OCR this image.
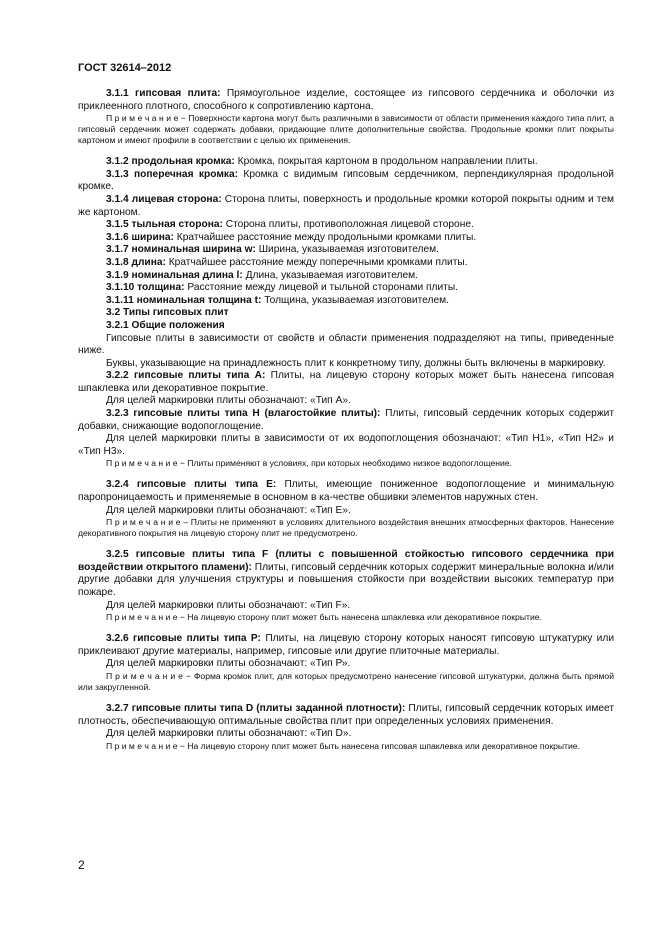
ГОСТ 32614–2012

3.1.1 гипсовая плита: Прямоугольное изделие, состоящее из гипсового сердечника и оболочки из приклеенного плотного, способного к сопротивлению картона.

П р и м е ч а н и е − Поверхности картона могут быть различными в зависимости от области применения каждого типа плит, а гипсовый сердечник может содержать добавки, придающие плите дополнительные свойства. Продольные кромки плит покрыты картоном и имеют профили в соответствии с целью их применения.

3.1.2 продольная кромка: Кромка, покрытая картоном в продольном направлении плиты.

3.1.3 поперечная кромка: Кромка с видимым гипсовым сердечником, перпендикулярная продольной кромке.

3.1.4 лицевая сторона: Сторона плиты, поверхность и продольные кромки которой покрыты одним и тем же картоном.

3.1.5 тыльная сторона: Сторона плиты, противоположная лицевой стороне.

3.1.6 ширина: Кратчайшее расстояние между продольными кромками плиты.

3.1.7 номинальная ширина w: Ширина, указываемая изготовителем.

3.1.8 длина: Кратчайшее расстояние между поперечными кромками плиты.

3.1.9 номинальная длина l: Длина, указываемая изготовителем.

3.1.10 толщина: Расстояние между лицевой и тыльной сторонами плиты.

3.1.11 номинальная толщина t: Толщина, указываемая изготовителем.

3.2 Типы гипсовых плит

3.2.1 Общие положения

Гипсовые плиты в зависимости от свойств и области применения подразделяют на типы, приведенные ниже.

Буквы, указывающие на принадлежность плит к конкретному типу, должны быть включены в маркировку.

3.2.2 гипсовые плиты типа А: Плиты, на лицевую сторону которых может быть нанесена гипсовая шпаклевка или декоративное покрытие.

Для целей маркировки плиты обозначают: «Тип А».

3.2.3 гипсовые плиты типа Н (влагостойкие плиты): Плиты, гипсовый сердечник которых содержит добавки, снижающие водопоглощение.

Для целей маркировки плиты в зависимости от их водопоглощения обозначают: «Тип Н1», «Тип Н2» и «Тип Н3».

П р и м е ч а н и е − Плиты применяют в условиях, при которых необходимо низкое водопоглощение.

3.2.4 гипсовые плиты типа Е: Плиты, имеющие пониженное водопоглощение и минимальную паропроницаемость и применяемые в основном в ка-честве обшивки элементов наружных стен.

Для целей маркировки плиты обозначают: «Тип Е».

П р и м е ч а н и е – Плиты не применяют в условиях длительного воздействия внешних атмосферных факторов. Нанесение декоративного покрытия на лицевую сторону плит не предусмотрено.

3.2.5 гипсовые плиты типа F (плиты с повышенной стойкостью гипсового сердечника при воздействии открытого пламени): Плиты, гипсовый сердечник которых содержит минеральные волокна и/или другие добавки для улучшения структуры и повышения стойкости при воздействии высоких температур при пожаре.

Для целей маркировки плиты обозначают: «Тип F».

П р и м е ч а н и е − На лицевую сторону плит может быть нанесена шпаклевка или декоративное покрытие.

3.2.6 гипсовые плиты типа Р: Плиты, на лицевую сторону которых наносят гипсовую штукатурку или приклеивают другие материалы, например, гипсовые или другие плиточные материалы.

Для целей маркировки плиты обозначают: «Тип Р».

П р и м е ч а н и е − Форма кромок плит, для которых предусмотрено нанесение гипсовой штукатурки, должна быть прямой или закругленной.

3.2.7 гипсовые плиты типа D (плиты заданной плотности): Плиты, гипсовый сердечник которых имеет плотность, обеспечивающую оптимальные свойства плит при определенных условиях применения.

Для целей маркировки плиты обозначают: «Тип D».

П р и м е ч а н и е − На лицевую сторону плит может быть нанесена гипсовая шпаклевка или декоративное покрытие.

2
